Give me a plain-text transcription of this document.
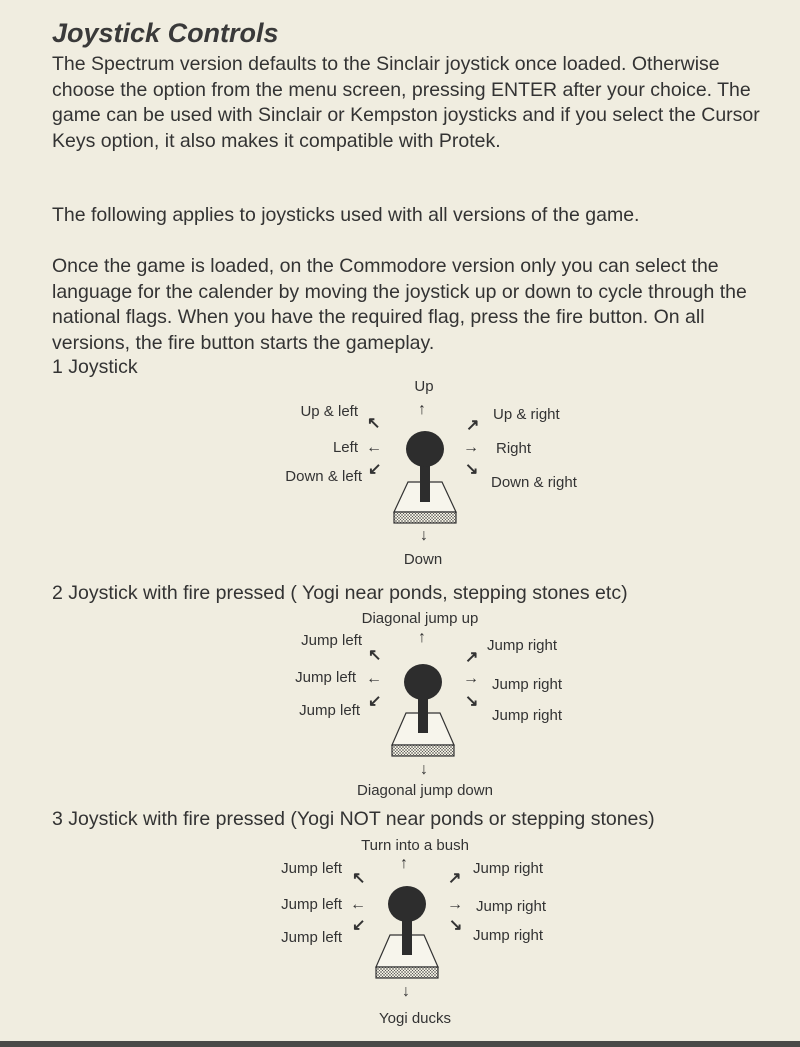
Joystick Controls

The Spectrum version defaults to the Sinclair joystick once loaded. Otherwise choose the option from the menu screen, pressing ENTER after your choice. The game can be used with Sinclair or Kempston joysticks and if you select the Cursor Keys option, it also makes it compatible with Protek.

The following applies to joysticks used with all versions of the game.

Once the game is loaded, on the Commodore version only you can select the language for the calender by moving the joystick up or down to cycle through the national flags. When you have the required flag, press the fire button. On all versions, the fire button starts the gameplay.

1 Joystick
Up
↑
Up & left
↖	↗
Up & right
Left ←	→ Right
Down & left ↙	↘
Down & right
↓
Down
2 Joystick with fire pressed ( Yogi near ponds, stepping stones etc)
Diagonal jump up
↑
Jump left
↖	↗
Jump right
Jump left ←	→ Jump right
Jump left
↙	↘
Jump right
↓
Diagonal jump down
3 Joystick with fire pressed (Yogi NOT near ponds or stepping stones)
Turn into a bush
↑
Jump left
↖	↗
Jump right
Jump left ←	→ Jump right
Jump left
↙	↘
Jump right
↓
Yogi ducks
